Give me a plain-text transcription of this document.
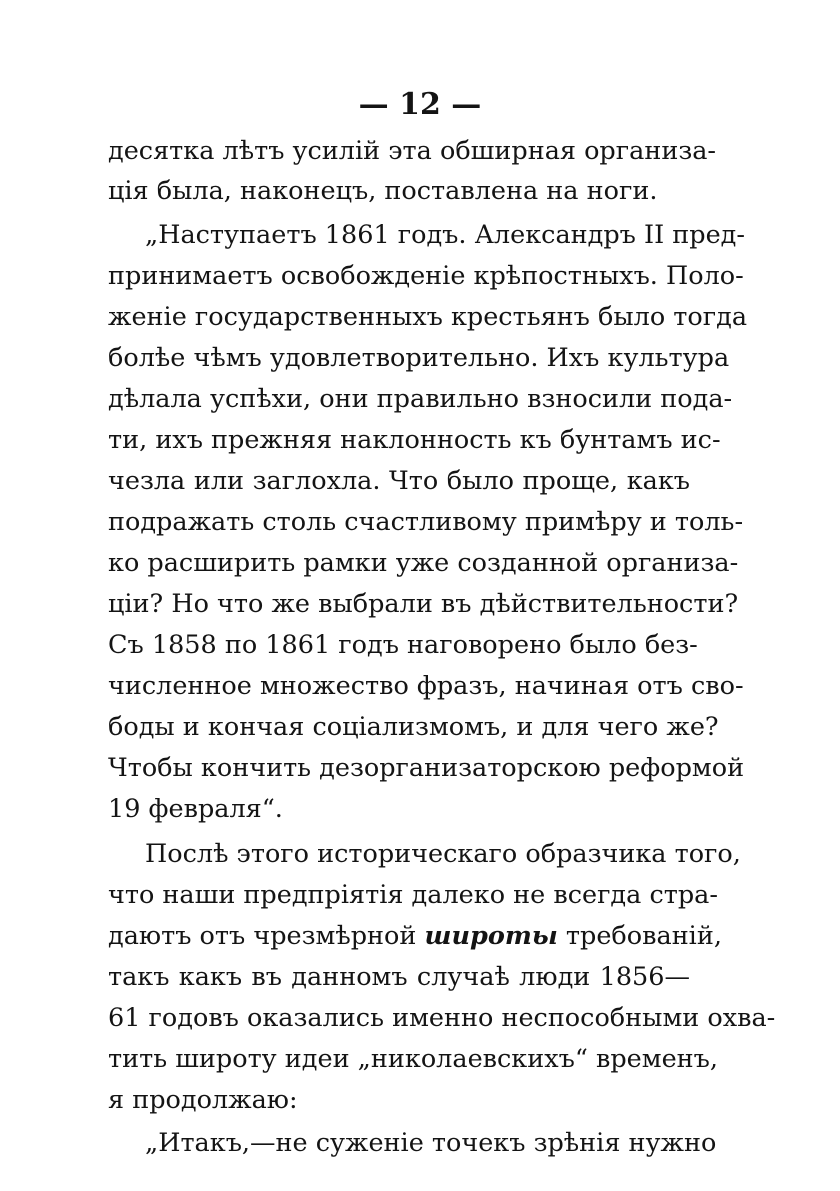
— 12 —
десятка лѣтъ усилій эта обширная организа-
ція была, наконецъ, поставлена на ноги.
„Наступаетъ 1861 годъ. Александръ II пред-
принимаетъ освобожденіе крѣпостныхъ. Поло-
женіе государственныхъ крестьянъ было тогда
болѣе чѣмъ удовлетворительно. Ихъ культура
дѣлала успѣхи, они правильно взносили пода-
ти, ихъ прежняя наклонность къ бунтамъ ис-
чезла или заглохла. Что было проще, какъ
подражать столь счастливому примѣру и толь-
ко расширить рамки уже созданной организа-
ціи? Но что же выбрали въ дѣйствительности?
Съ 1858 по 1861 годъ наговорено было без-
численное множество фразъ, начиная отъ сво-
боды и кончая соціализмомъ, и для чего же?
Чтобы кончить дезорганизаторскою реформой
19 февраля“.
Послѣ этого историческаго образчика того,
что наши предпріятія далеко не всегда стра-
даютъ отъ чрезмѣрной широты требованій,
такъ какъ въ данномъ случаѣ люди 1856—
61 годовъ оказались именно неспособными охва-
тить широту идеи „николаевскихъ“ временъ,
я продолжаю:
„Итакъ,—не суженіе точекъ зрѣнія нужно
